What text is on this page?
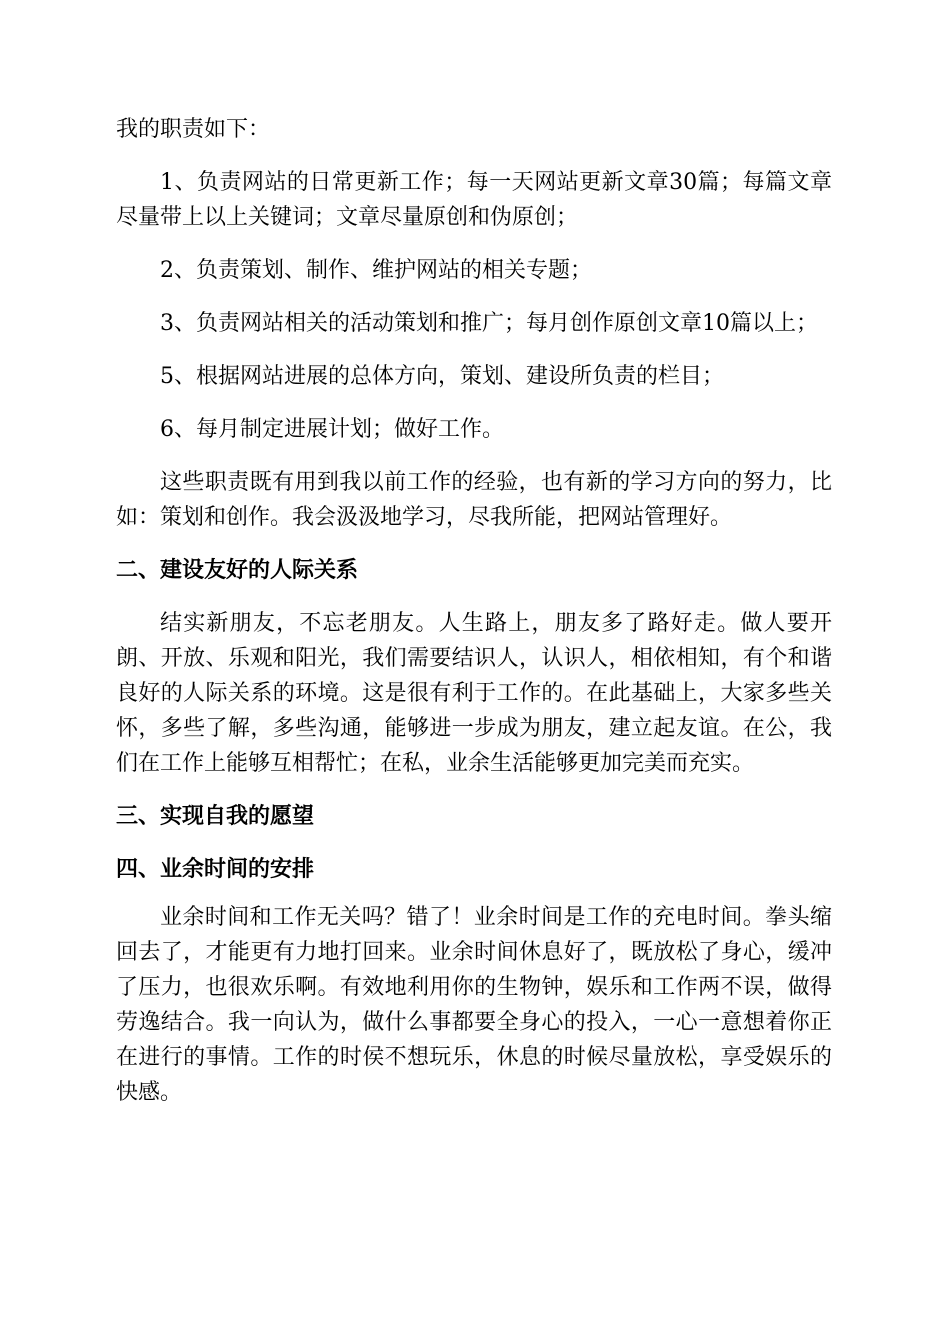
我的职责如下：

1、负责网站的日常更新工作；每一天网站更新文章30篇；每篇文章尽量带上以上关键词；文章尽量原创和伪原创；

2、负责策划、制作、维护网站的相关专题；

3、负责网站相关的活动策划和推广；每月创作原创文章10篇以上；

5、根据网站进展的总体方向，策划、建设所负责的栏目；

6、每月制定进展计划；做好工作。

这些职责既有用到我以前工作的经验，也有新的学习方向的努力，比如：策划和创作。我会汲汲地学习，尽我所能，把网站管理好。

二、建设友好的人际关系

结实新朋友，不忘老朋友。人生路上，朋友多了路好走。做人要开朗、开放、乐观和阳光，我们需要结识人，认识人，相依相知，有个和谐良好的人际关系的环境。这是很有利于工作的。在此基础上，大家多些关怀，多些了解，多些沟通，能够进一步成为朋友，建立起友谊。在公，我们在工作上能够互相帮忙；在私，业余生活能够更加完美而充实。

三、实现自我的愿望

四、业余时间的安排

业余时间和工作无关吗？错了！业余时间是工作的充电时间。拳头缩回去了，才能更有力地打回来。业余时间休息好了，既放松了身心，缓冲了压力，也很欢乐啊。有效地利用你的生物钟，娱乐和工作两不误，做得劳逸结合。我一向认为，做什么事都要全身心的投入，一心一意想着你正在进行的事情。工作的时侯不想玩乐，休息的时候尽量放松，享受娱乐的快感。
